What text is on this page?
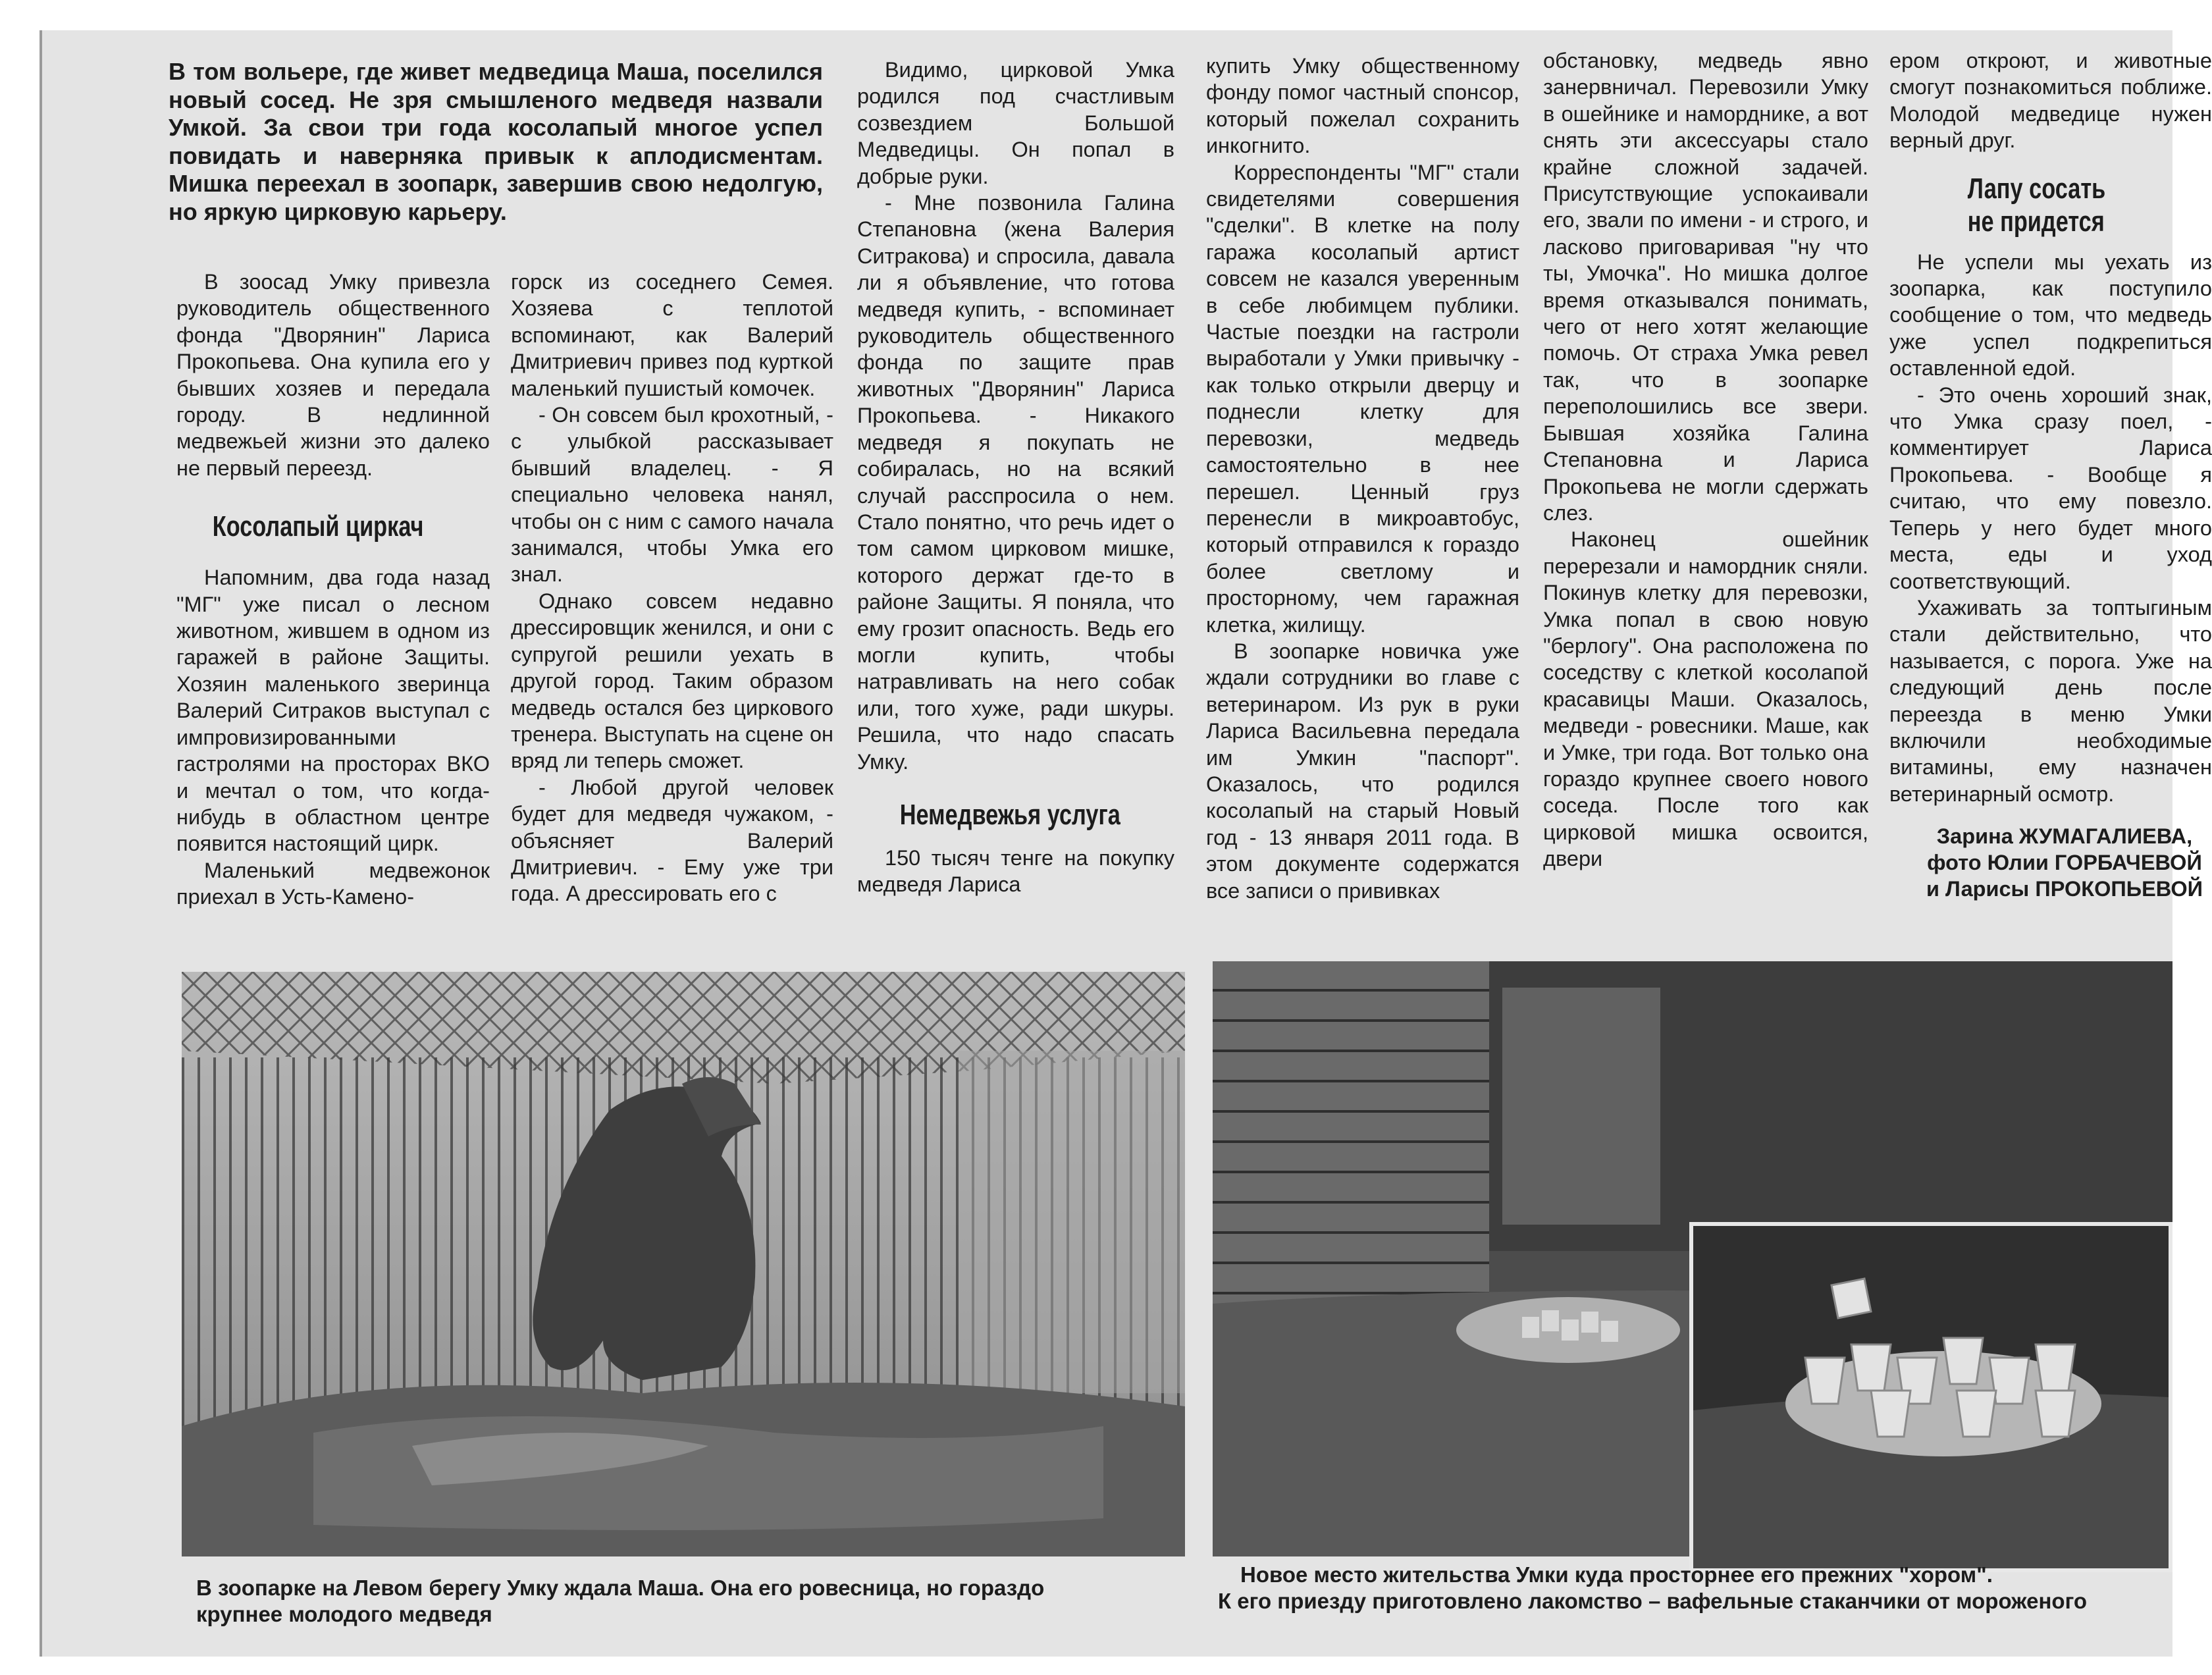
В том вольере, где живет медведица Маша, поселился новый сосед. Не зря смышленого медведя назвали Умкой. За свои три года косолапый многое успел повидать и наверняка привык к аплодисментам. Мишка переехал в зоопарк, завершив свою недолгую, но яркую цирковую карьеру.

В зоосад Умку привезла руководитель общественного фонда "Дворянин" Лариса Прокопьева. Она купила его у бывших хозяев и передала городу. В недлинной медвежьей жизни это далеко не первый переезд.

Косолапый циркач

Напомним, два года назад "МГ" уже писал о лесном животном, жившем в одном из гаражей в районе Защиты. Хозяин маленького зверинца Валерий Ситраков выступал с импровизированными гастролями на просторах ВКО и мечтал о том, что когда-нибудь в областном центре появится настоящий цирк.

Маленький медвежонок приехал в Усть-Камено-

горск из соседнего Семея. Хозяева с теплотой вспоминают, как Валерий Дмитриевич привез под курткой маленький пушистый комочек.

- Он совсем был крохотный, - с улыбкой рассказывает бывший владелец. - Я специально человека нанял, чтобы он с ним с самого начала занимался, чтобы Умка его знал.

Однако совсем недавно дрессировщик женился, и они с супругой решили уехать в другой город. Таким образом медведь остался без циркового тренера. Выступать на сцене он вряд ли теперь сможет.

- Любой другой человек будет для медведя чужаком, - объясняет Валерий Дмитриевич. - Ему уже три года. А дрессировать его с

Видимо, цирковой Умка родился под счастливым созвездием Большой Медведицы. Он попал в добрые руки.

- Мне позвонила Галина Степановна (жена Валерия Ситракова) и спросила, давала ли я объявление, что готова медведя купить, - вспоминает руководитель общественного фонда по защите прав животных "Дворянин" Лариса Прокопьева. - Никакого медведя я покупать не собиралась, но на всякий случай расспросила о нем. Стало понятно, что речь идет о том самом цирковом мишке, которого держат где-то в районе Защиты. Я поняла, что ему грозит опасность. Ведь его могли купить, чтобы натравливать на него собак или, того хуже, ради шкуры. Решила, что надо спасать Умку.

Немедвежья услуга

150 тысяч тенге на покупку медведя Лариса

купить Умку общественному фонду помог частный спонсор, который пожелал сохранить инкогнито.

Корреспонденты "МГ" стали свидетелями совершения "сделки". В клетке на полу гаража косолапый артист совсем не казался уверенным в себе любимцем публики. Частые поездки на гастроли выработали у Умки привычку - как только открыли дверцу и поднесли клетку для перевозки, медведь самостоятельно в нее перешел. Ценный груз перенесли в микроавтобус, который отправился к гораздо более светлому и просторному, чем гаражная клетка, жилищу.

В зоопарке новичка уже ждали сотрудники во главе с ветеринаром. Из рук в руки Лариса Васильевна передала им Умкин "паспорт". Оказалось, что родился косолапый на старый Новый год - 13 января 2011 года. В этом документе содержатся все записи о прививках

обстановку, медведь явно занервничал. Перевозили Умку в ошейнике и наморднике, а вот снять эти аксессуары стало крайне сложной задачей. Присутствующие успокаивали его, звали по имени - и строго, и ласково приговаривая "ну что ты, Умочка". Но мишка долгое время отказывался понимать, чего от него хотят желающие помочь. От страха Умка ревел так, что в зоопарке переполошились все звери. Бывшая хозяйка Галина Степановна и Лариса Прокопьева не могли сдержать слез.

Наконец ошейник перерезали и намордник сняли. Покинув клетку для перевозки, Умка попал в свою новую "берлогу". Она расположена по соседству с клеткой косолапой красавицы Маши. Оказалось, медведи - ровесники. Маше, как и Умке, три года. Вот только она гораздо крупнее своего нового соседа. После того как цирковой мишка освоится, двери

ером откроют, и животные смогут познакомиться поближе. Молодой медведице нужен верный друг.

Лапу сосать

не придется

Не успели мы уехать из зоопарка, как поступило сообщение о том, что медведь уже успел подкрепиться оставленной едой.

- Это очень хороший знак, что Умка сразу поел, - комментирует Лариса Прокопьева. - Вообще я считаю, что ему повезло. Теперь у него будет много места, еды и уход соответствующий.

Ухаживать за топтыгиным стали действительно, что называется, с порога. Уже на следующий день после переезда в меню Умки включили необходимые витамины, ему назначен ветеринарный осмотр.

Зарина ЖУМАГАЛИЕВА,

фото Юлии ГОРБАЧЕВОЙ

и Ларисы ПРОКОПЬЕВОЙ

В зоопарке на Левом берегу Умку ждала Маша. Она его ровесница, но гораздо
крупнее молодого медведя
Новое место жительства Умки куда просторнее его прежних "хором".
К его приезду приготовлено лакомство – вафельные стаканчики от мороженого
